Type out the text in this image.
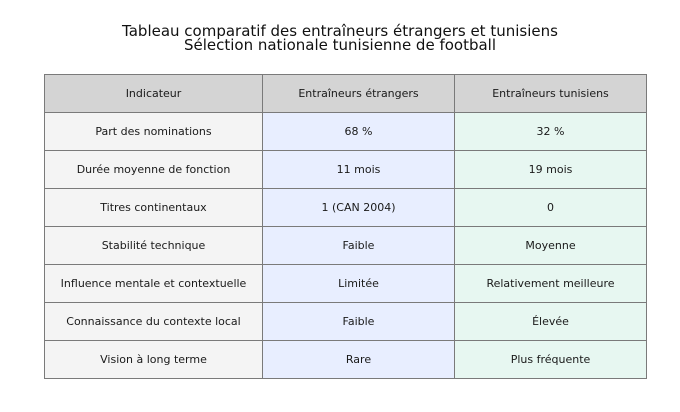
Tableau comparatif des entraîneurs étrangers et tunisiens
Sélection nationale tunisienne de football
Indicateur	Entraîneurs étrangers	Entraîneurs tunisiens
Part des nominations	68 %	32 %
Durée moyenne de fonction	11 mois	19 mois
Titres continentaux	1 (CAN 2004)	0
Stabilité technique	Faible	Moyenne
Influence mentale et contextuelle	Limitée	Relativement meilleure
Connaissance du contexte local	Faible	Élevée
Vision à long terme	Rare	Plus fréquente
